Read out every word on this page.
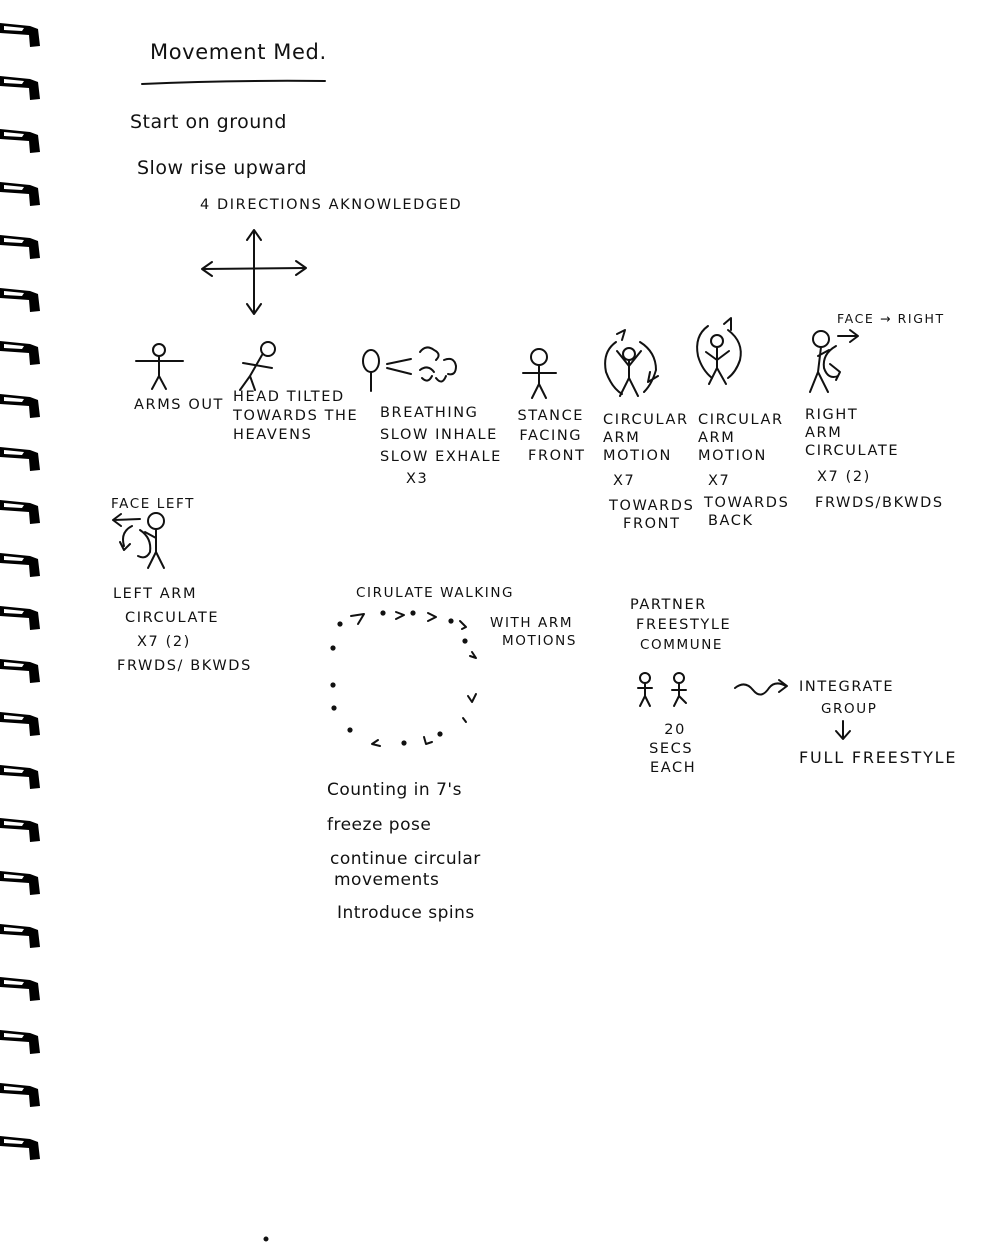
Movement Med.
Start on ground
Slow rise upward
4 DIRECTIONS AKNOWLEDGED
ARMS OUT HEAD TILTED
TOWARDS THE
HEAVENS
BREATHING
SLOW INHALE
SLOW EXHALE
X3
STANCE
FACING
FRONT
CIRCULAR
ARM
MOTION
X7
TOWARDS
FRONT
CIRCULAR
ARM
MOTION
X7
TOWARDS
BACK
FACE → RIGHT
RIGHT
ARM
CIRCULATE
X7 (2)
FRWDS/BKWDS
FACE LEFT
LEFT ARM
CIRCULATE
X7 (2)
FRWDS/ BKWDS
CIRULATE WALKING
WITH ARM
MOTIONS
PARTNER
FREESTYLE
COMMUNE
20
SECS
EACH
INTEGRATE
GROUP
FULL FREESTYLE
Counting in 7's
freeze pose
continue circular
movements
Introduce spins
